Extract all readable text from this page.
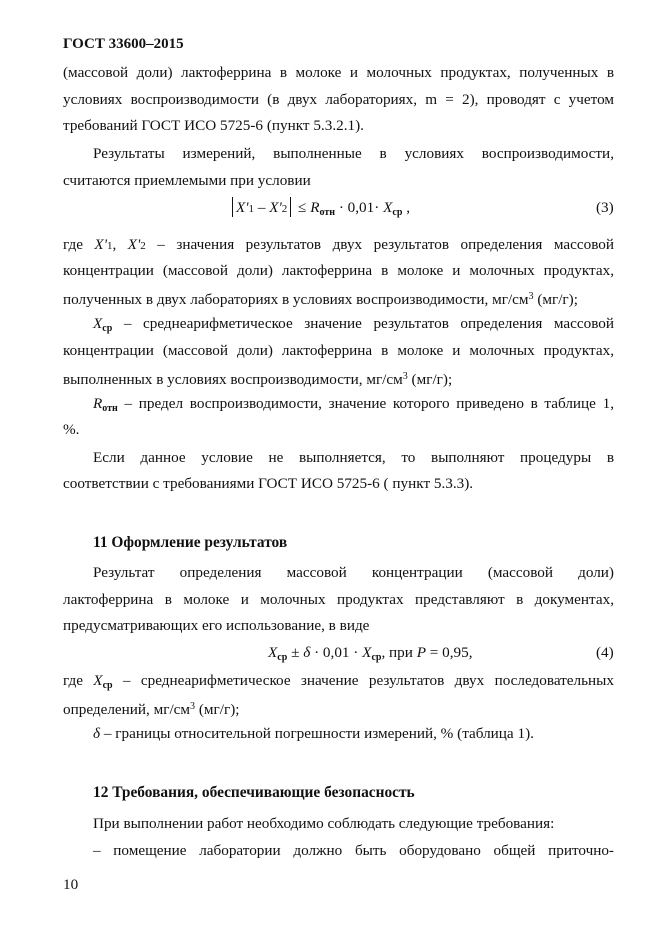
ГОСТ 33600–2015
(массовой доли) лактоферрина в молоке и молочных продуктах, полученных в
условиях воспроизводимости (в двух лабораториях, m = 2), проводят с учетом
требований ГОСТ ИСО 5725-6 (пункт 5.3.2.1).
Результаты измерений, выполненные в условиях воспроизводимости,
считаются приемлемыми при условии
$X'1 - X'2 \le R_{отн} \cdot 0,01\cdot X_{ср}$ ,	(3)
где X'1, X'2 – значения результатов двух результатов определения массовой
концентрации (массовой доли) лактоферрина в молоке и молочных продуктах,
полученных в двух лабораториях в условиях воспроизводимости, $мг/см^3$ (мг/г);
$X_{ср}$ – среднеарифметическое значение результатов определения массовой
концентрации (массовой доли) лактоферрина в молоке и молочных продуктах,
выполненных в условиях воспроизводимости, $мг/см^3$ (мг/г);
$R_{отн}$ – предел воспроизводимости, значение которого приведено в таблице 1,
%.
Если данное условие не выполняется, то выполняют процедуры в
соответствии с требованиями ГОСТ ИСО 5725-6 ( пункт 5.3.3).
11 Оформление результатов
Результат определения массовой концентрации (массовой доли)
лактоферрина в молоке и молочных продуктах представляют в документах,
предусматривающих его использование, в виде
$X_{ср} \pm \delta \cdot 0,01 \cdot X_{ср}$, при P = 0,95,	(4)
где $X_{ср}$ – среднеарифметическое значение результатов двух последовательных
определений, $мг/см^3$ (мг/г);
δ – границы относительной погрешности измерений, % (таблица 1).
12 Требования, обеспечивающие безопасность
При выполнении работ необходимо соблюдать следующие требования:
– помещение лаборатории должно быть оборудовано общей приточно-
10
